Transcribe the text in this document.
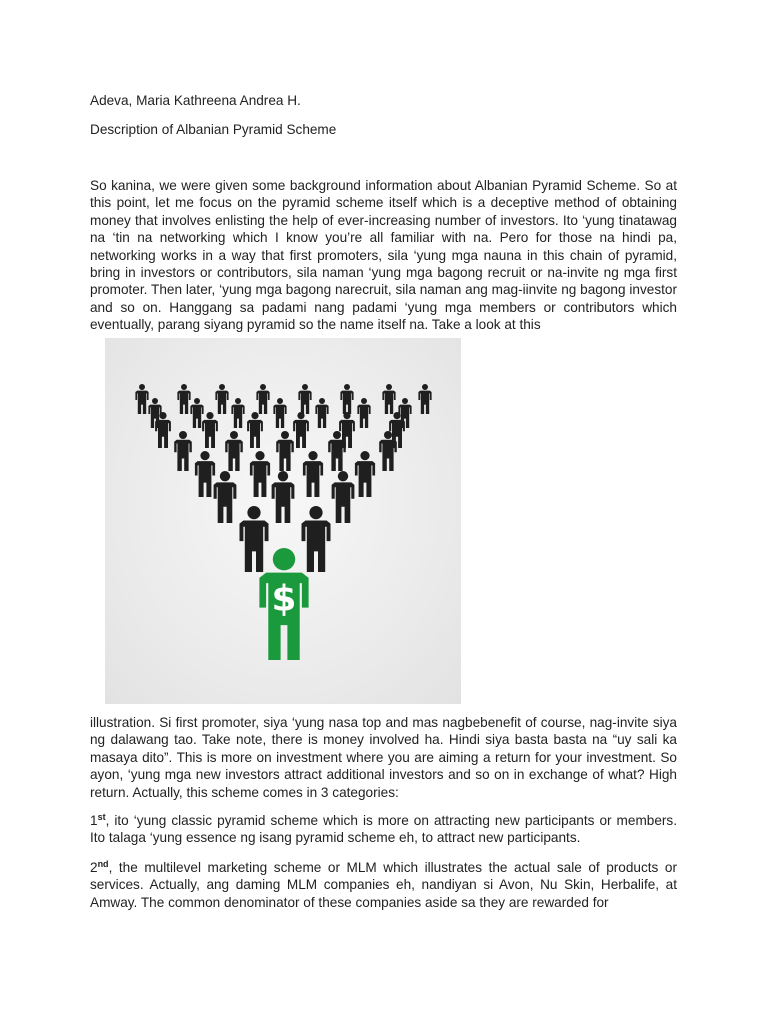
Adeva, Maria Kathreena Andrea H.
Description of Albanian Pyramid Scheme

So kanina, we were given some background information about Albanian Pyramid Scheme. So at this point, let me focus on the pyramid scheme itself which is a deceptive method of obtaining money that involves enlisting the help of ever-increasing number of investors. Ito ‘yung tinatawag na ‘tin na networking which I know you’re all familiar with na. Pero for those na hindi pa, networking works in a way that first promoters, sila ‘yung mga nauna in this chain of pyramid, bring in investors or contributors, sila naman ‘yung mga bagong recruit or na-invite ng mga first promoter. Then later, ‘yung mga bagong narecruit, sila naman ang mag-iinvite ng bagong investor and so on. Hanggang sa padami nang padami ‘yung mga members or contributors which eventually, parang siyang pyramid so the name itself na. Take a look at this

$

illustration. Si first promoter, siya ‘yung nasa top and mas nagbebenefit of course, nag-invite siya ng dalawang tao. Take note, there is money involved ha. Hindi siya basta basta na “uy sali ka masaya dito”. This is more on investment where you are aiming a return for your investment. So ayon, ‘yung mga new investors attract additional investors and so on in exchange of what? High return. Actually, this scheme comes in 3 categories:

1st, ito ‘yung classic pyramid scheme which is more on attracting new participants or members. Ito talaga ‘yung essence ng isang pyramid scheme eh, to attract new participants.

2nd, the multilevel marketing scheme or MLM which illustrates the actual sale of products or services. Actually, ang daming MLM companies eh, nandiyan si Avon, Nu Skin, Herbalife, at Amway. The common denominator of these companies aside sa they are rewarded for
